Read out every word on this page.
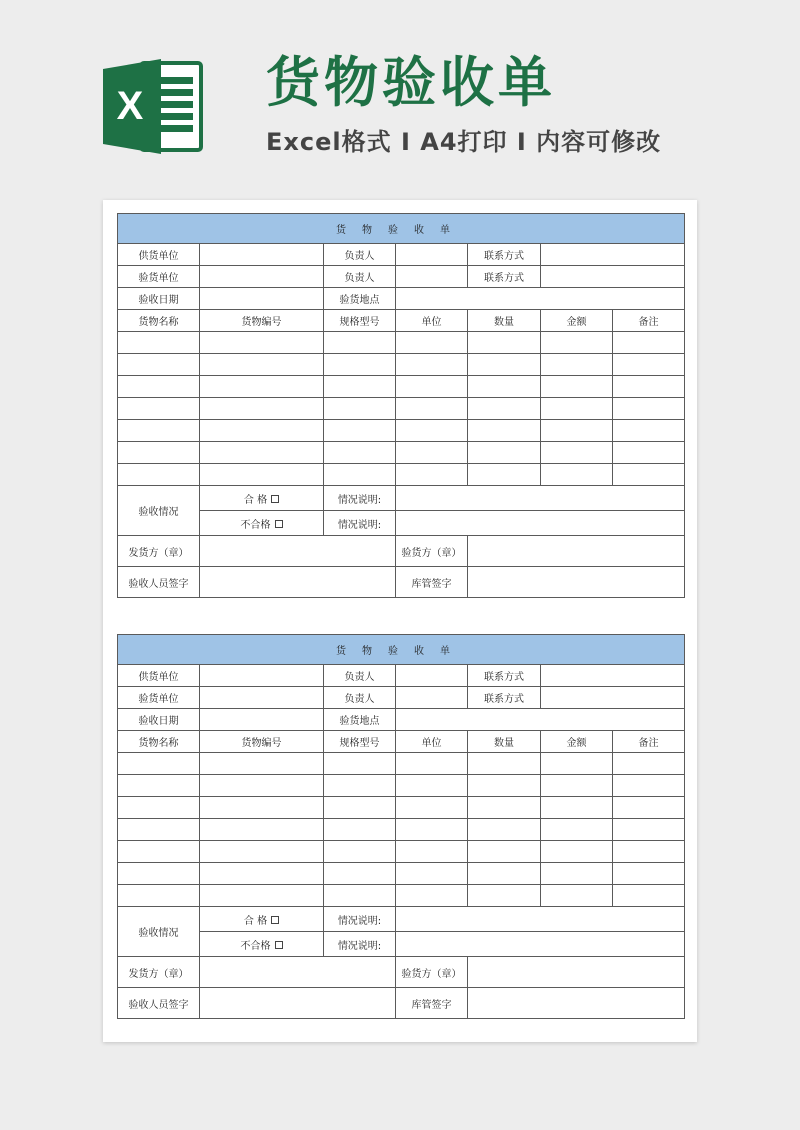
X 货物验收单
Excel格式 I A4打印 I 内容可修改
货物验收单						
供货单位		负责人		联系方式		
验货单位		负责人		联系方式		
验收日期		验货地点				
货物名称	货物编号	规格型号	单位	数量	金额	备注

验收情况	合 格	情况说明:				
	不合格	情况说明:				
发货方（章）			验货方（章）			
验收人员签字			库管签字			
货物验收单						
供货单位		负责人		联系方式		
验货单位		负责人		联系方式		
验收日期		验货地点				
货物名称	货物编号	规格型号	单位	数量	金额	备注

验收情况	合 格	情况说明:				
	不合格	情况说明:				
发货方（章）			验货方（章）			
验收人员签字			库管签字			
